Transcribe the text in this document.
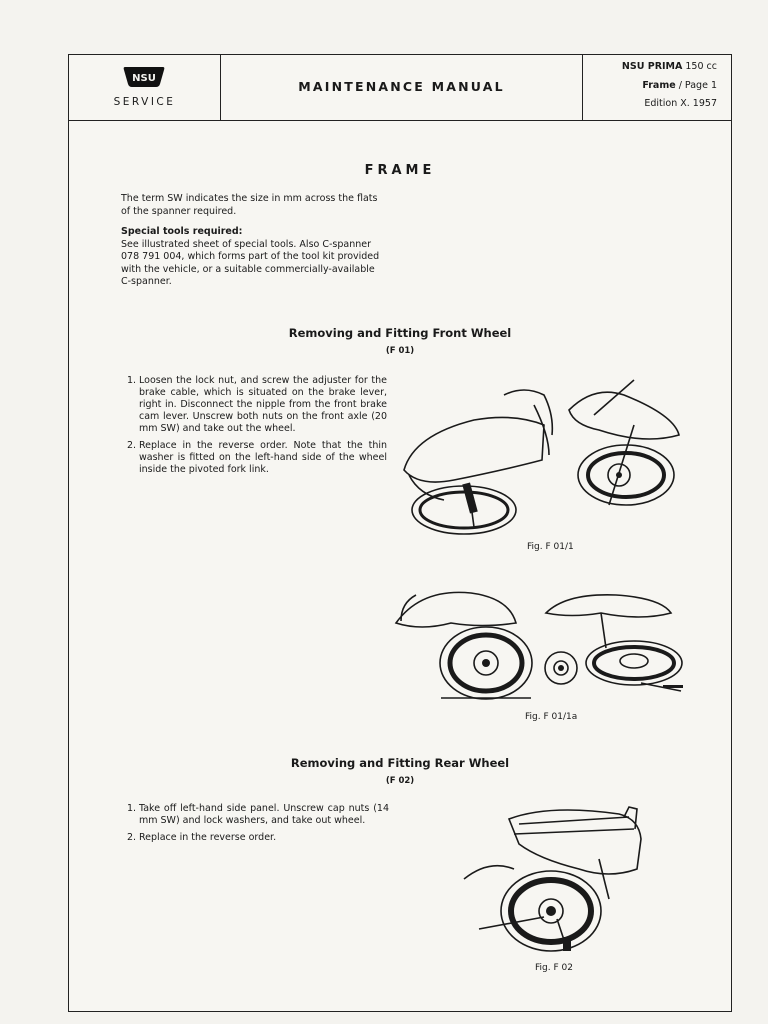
NSU
SERVICE
MAINTENANCE MANUAL
NSU PRIMA 150 cc
Frame / Page 1
Edition X. 1957
FRAME
The term SW indicates the size in mm across the flats of the spanner required.
Special tools required:
See illustrated sheet of special tools. Also C-spanner 078 791 004, which forms part of the tool kit provided with the vehicle, or a suitable commercially-available C-spanner.
Removing and Fitting Front Wheel
(F 01)
1. Loosen the lock nut, and screw the adjuster for the brake cable, which is situated on the brake lever, right in. Disconnect the nipple from the front brake cam lever. Unscrew both nuts on the front axle (20 mm SW) and take out the wheel.
2. Replace in the reverse order. Note that the thin washer is fitted on the left-hand side of the wheel inside the pivoted fork link.
Fig. F 01/1
Fig. F 01/1a
Removing and Fitting Rear Wheel
(F 02)
1. Take off left-hand side panel. Unscrew cap nuts (14 mm SW) and lock washers, and take out wheel.
2. Replace in the reverse order.
Fig. F 02
